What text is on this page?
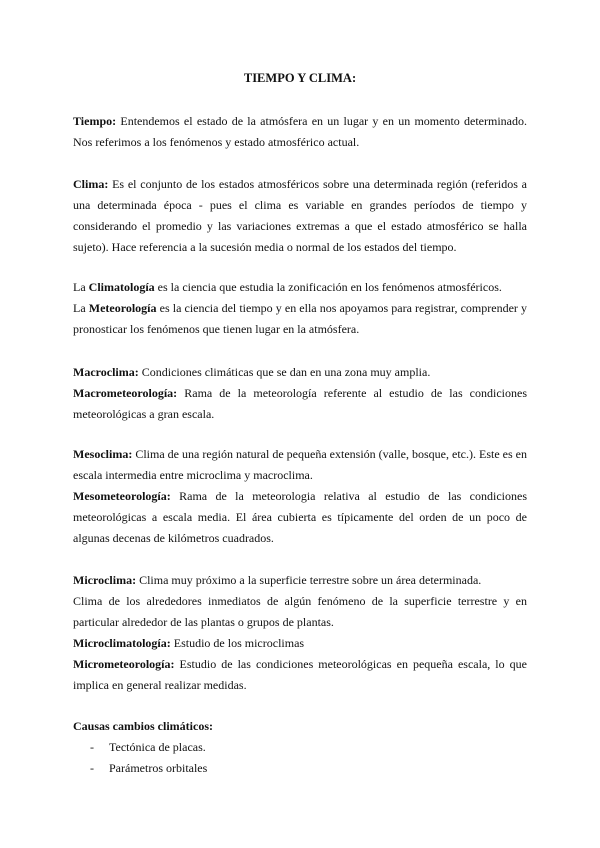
TIEMPO Y CLIMA:

Tiempo: Entendemos el estado de la atmósfera en un lugar y en un momento determinado. Nos referimos a los fenómenos y estado atmosférico actual.

Clima: Es el conjunto de los estados atmosféricos sobre una determinada región (referidos a una determinada época - pues el clima es variable en grandes períodos de tiempo y considerando el promedio y las variaciones extremas a que el estado atmosférico se halla sujeto). Hace referencia a la sucesión media o normal de los estados del tiempo.

La Climatología es la ciencia que estudia la zonificación en los fenómenos atmosféricos.

La Meteorología es la ciencia del tiempo y en ella nos apoyamos para registrar, comprender y pronosticar los fenómenos que tienen lugar en la atmósfera.

Macroclima: Condiciones climáticas que se dan en una zona muy amplia.

Macrometeorología: Rama de la meteorología referente al estudio de las condiciones meteorológicas a gran escala.

Mesoclima: Clima de una región natural de pequeña extensión (valle, bosque, etc.). Este es en escala intermedia entre microclima y macroclima.

Mesometeorología: Rama de la meteorologia relativa al estudio de las condiciones meteorológicas a escala media. El área cubierta es típicamente del orden de un poco de algunas decenas de kilómetros cuadrados.

Microclima: Clima muy próximo a la superficie terrestre sobre un área determinada.

Clima de los alrededores inmediatos de algún fenómeno de la superficie terrestre y en particular alrededor de las plantas o grupos de plantas.

Microclimatología: Estudio de los microclimas

Micrometeorología: Estudio de las condiciones meteorológicas en pequeña escala, lo que implica en general realizar medidas.

Causas cambios climáticos:

- Tectónica de placas.
- Parámetros orbitales
